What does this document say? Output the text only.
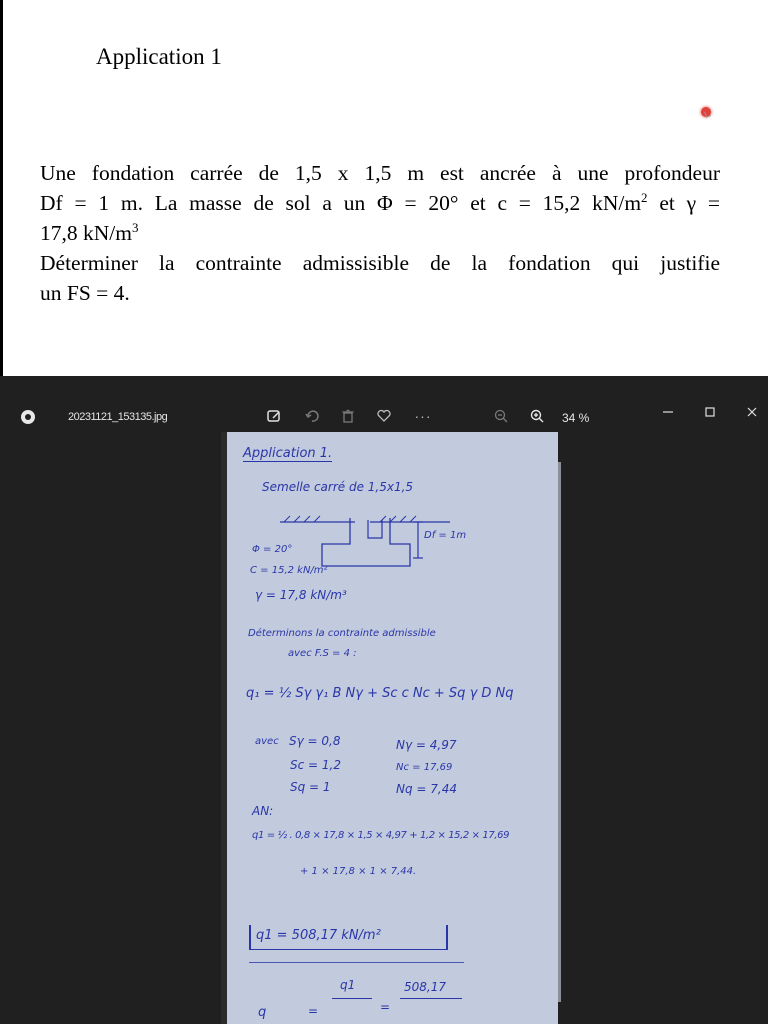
Application 1

Une fondation carrée de 1,5 x 1,5 m est ancrée à une profondeur

Df = 1 m. La masse de sol a un Φ = 20° et c = 15,2 $kN/m^2$ et γ =

17,8 $kN/m^3$

Déterminer la contrainte admissisible de la fondation qui justifie

un FS = 4.

20231121_153135.jpg	···	34 %
Application 1.
Semelle carré de 1,5x1,5
Df = 1m
Φ = 20°
C = 15,2 kN/m²
γ = 17,8 kN/m³
Déterminons la contrainte admissible
avec F.S = 4 :
q₁ = ½ Sγ γ₁ B Nγ + Sc c Nc + Sq γ D Nq
avec Sγ = 0,8	Nγ = 4,97
Sc = 1,2	Nc = 17,69
Sq = 1	Nq = 7,44
AN:
q1 = ½ . 0,8 × 17,8 × 1,5 × 4,97 + 1,2 × 15,2 × 17,69
+ 1 × 17,8 × 1 × 7,44.
q1 = 508,17 kN/m²
q	=
q1
=
508,17
